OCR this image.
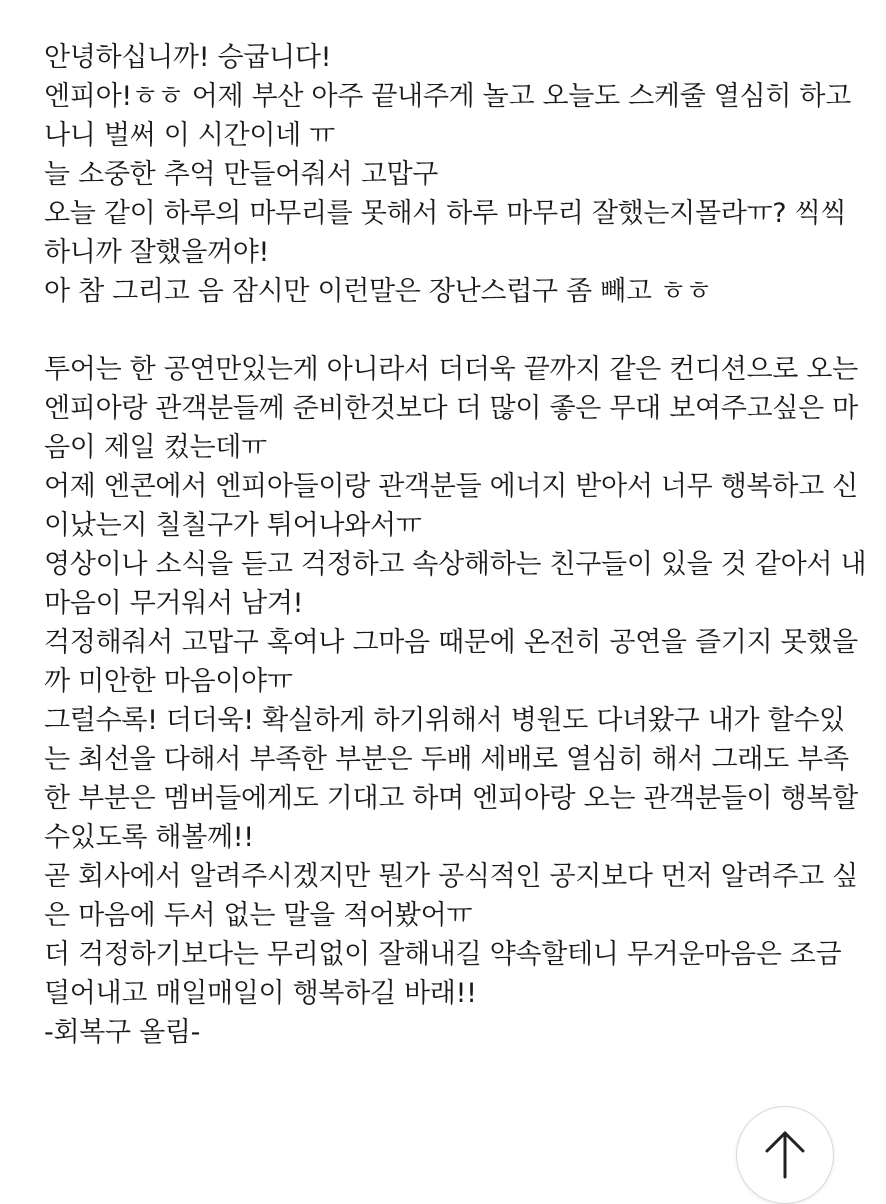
안녕하십니까! 승굽니다!
엔피아!ㅎㅎ 어제 부산 아주 끝내주게 놀고 오늘도 스케줄 열심히 하고
나니 벌써 이 시간이네 ㅠ
늘 소중한 추억 만들어줘서 고맙구
오늘 같이 하루의 마무리를 못해서 하루 마무리 잘했는지몰라ㅠ? 씩씩
하니까 잘했을꺼야!
아 참 그리고 음 잠시만 이런말은 장난스럽구 좀 빼고 ㅎㅎ
투어는 한 공연만있는게 아니라서 더더욱 끝까지 같은 컨디션으로 오는
엔피아랑 관객분들께 준비한것보다 더 많이 좋은 무대 보여주고싶은 마
음이 제일 컸는데ㅠ
어제 엔콘에서 엔피아들이랑 관객분들 에너지 받아서 너무 행복하고 신
이났는지 칠칠구가 튀어나와서ㅠ
영상이나 소식을 듣고 걱정하고 속상해하는 친구들이 있을 것 같아서 내
마음이 무거워서 남겨!
걱정해줘서 고맙구 혹여나 그마음 때문에 온전히 공연을 즐기지 못했을
까 미안한 마음이야ㅠ
그럴수록! 더더욱! 확실하게 하기위해서 병원도 다녀왔구 내가 할수있
는 최선을 다해서 부족한 부분은 두배 세배로 열심히 해서 그래도 부족
한 부분은 멤버들에게도 기대고 하며 엔피아랑 오는 관객분들이 행복할
수있도록 해볼께!!
곧 회사에서 알려주시겠지만 뭔가 공식적인 공지보다 먼저 알려주고 싶
은 마음에 두서 없는 말을 적어봤어ㅠ
더 걱정하기보다는 무리없이 잘해내길 약속할테니 무거운마음은 조금
덜어내고 매일매일이 행복하길 바래!!
-회복구 올림-
